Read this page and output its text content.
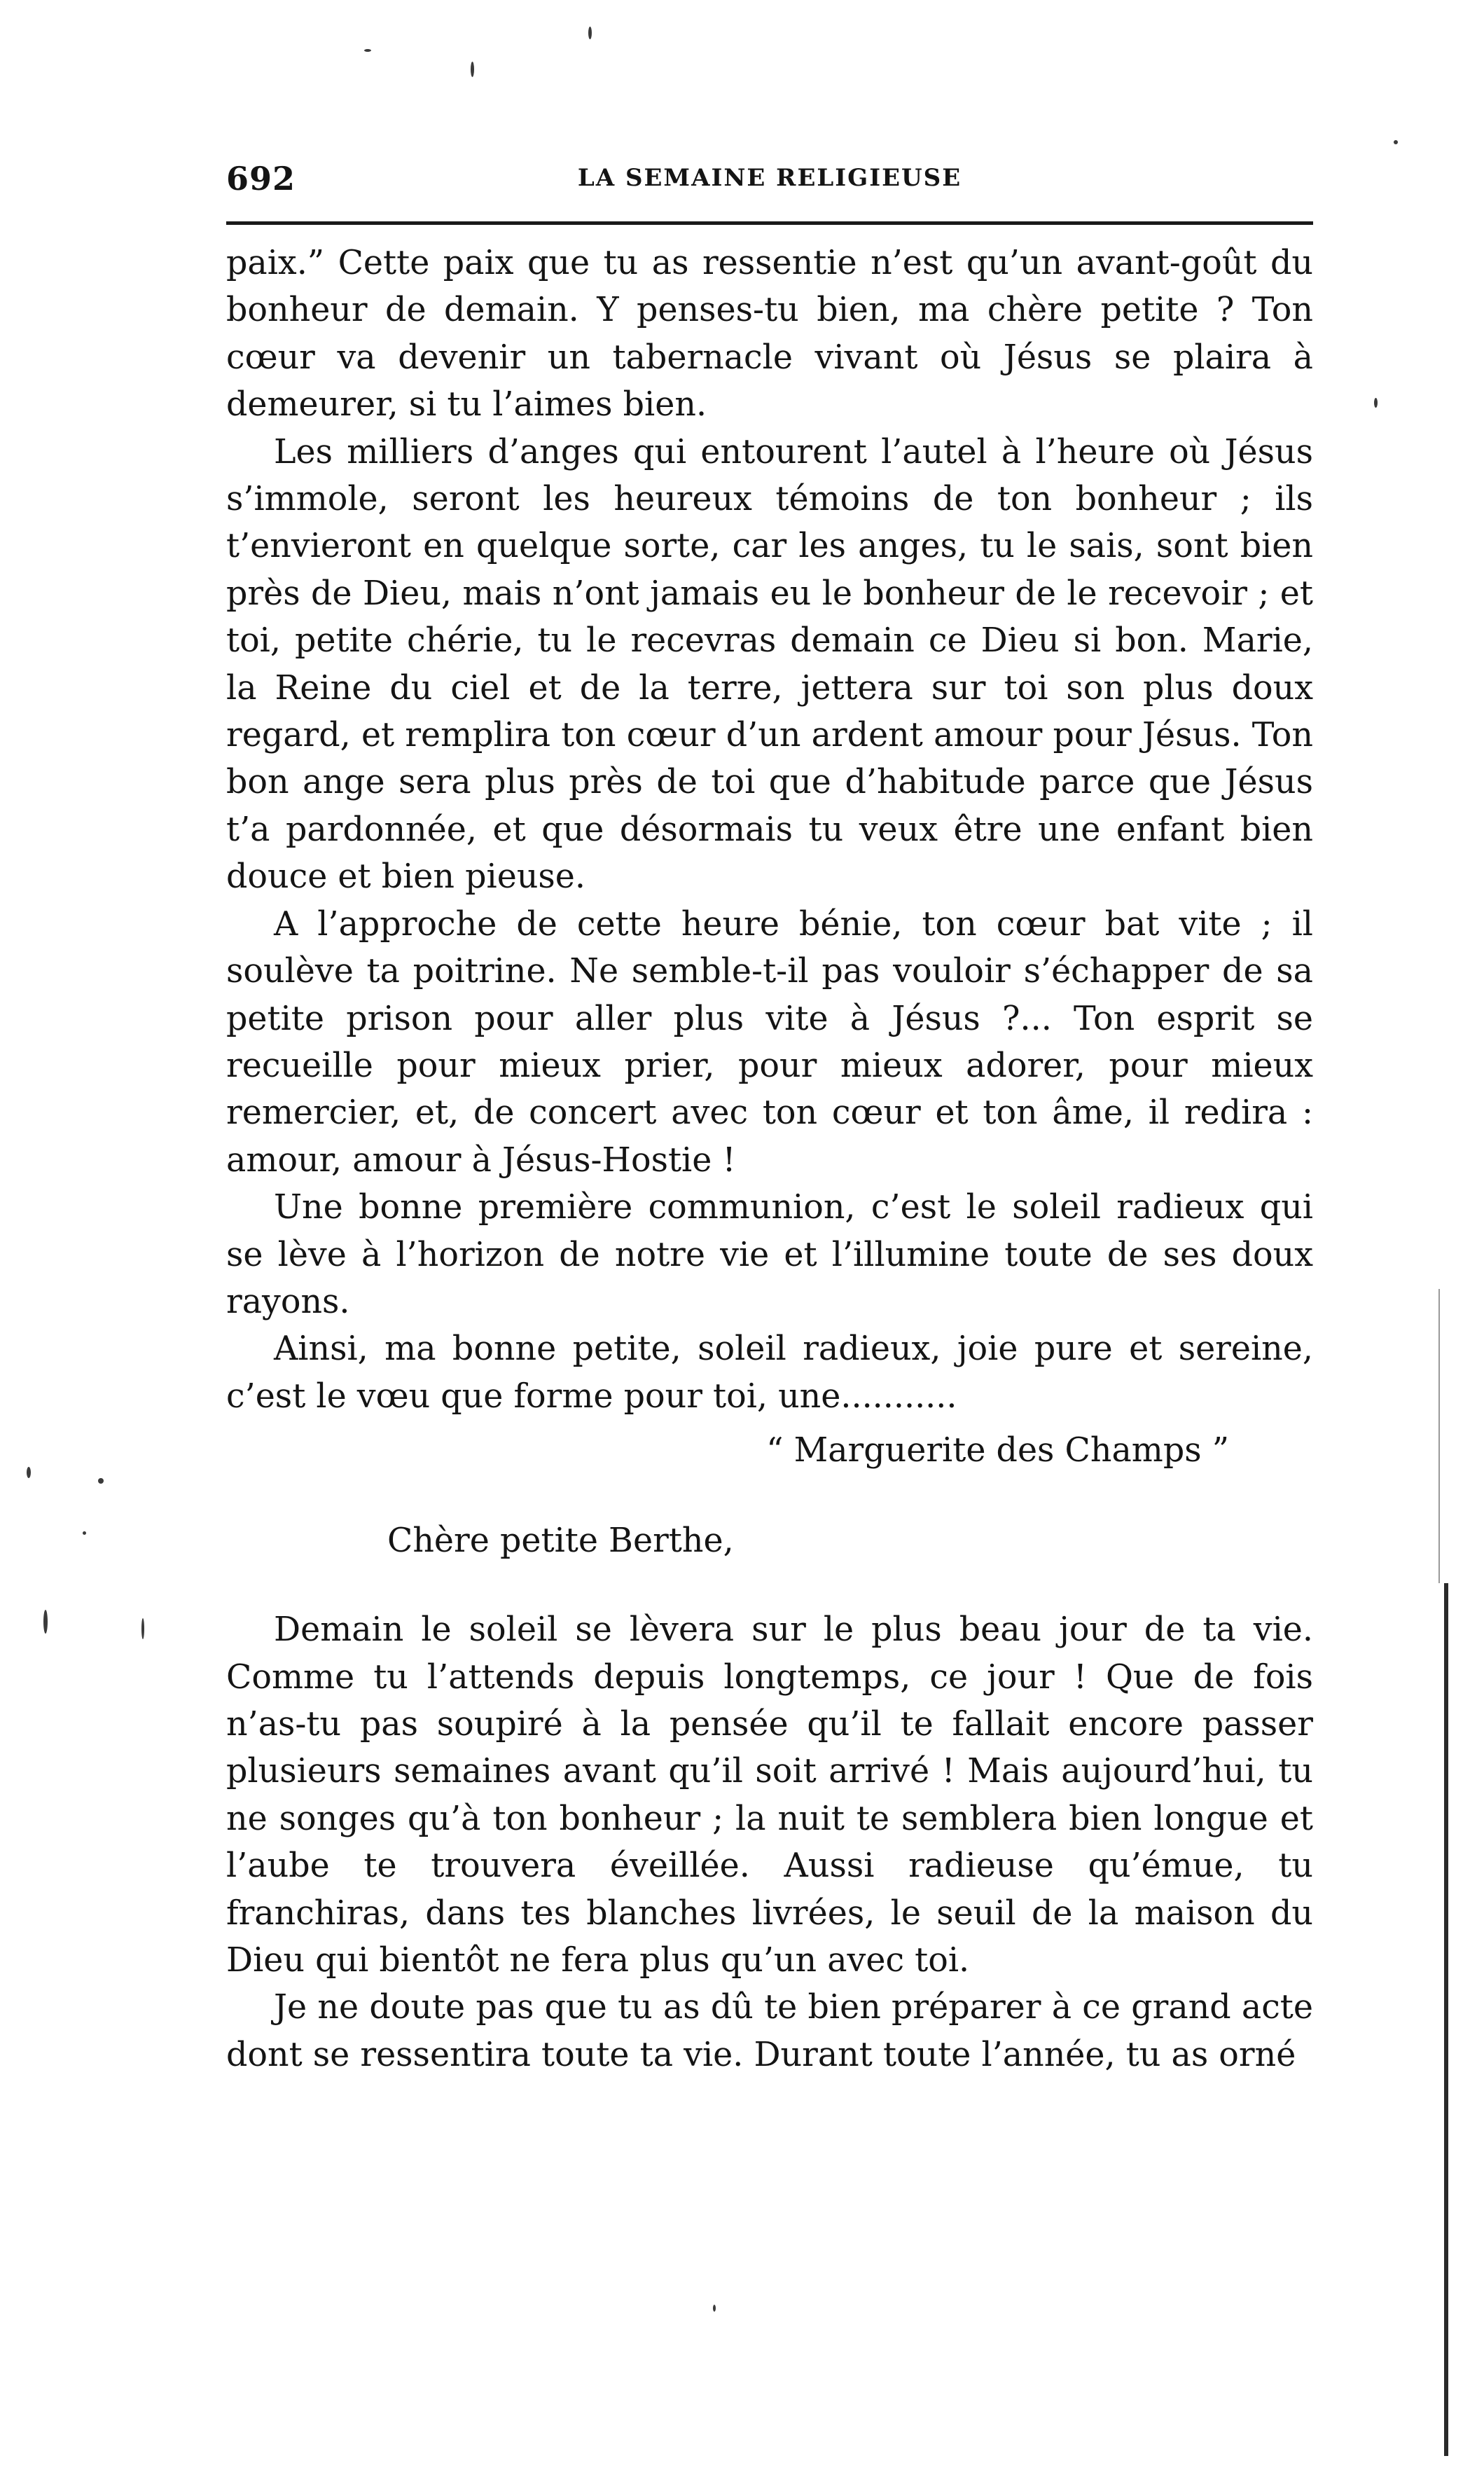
692	LA SEMAINE RELIGIEUSE

paix.” Cette paix que tu as ressentie n’est qu’un avant-goût du bonheur de demain. Y penses-tu bien, ma chère petite ? Ton cœur va devenir un tabernacle vivant où Jésus se plaira à demeurer, si tu l’aimes bien.

Les milliers d’anges qui entourent l’autel à l’heure où Jésus s’immole, seront les heureux témoins de ton bonheur ; ils t’envieront en quelque sorte, car les anges, tu le sais, sont bien près de Dieu, mais n’ont jamais eu le bonheur de le recevoir ; et toi, petite chérie, tu le recevras demain ce Dieu si bon. Marie, la Reine du ciel et de la terre, jettera sur toi son plus doux regard, et remplira ton cœur d’un ardent amour pour Jésus. Ton bon ange sera plus près de toi que d’habitude parce que Jésus t’a pardonnée, et que désormais tu veux être une enfant bien douce et bien pieuse.

A l’approche de cette heure bénie, ton cœur bat vite ; il soulève ta poitrine. Ne semble-t-il pas vouloir s’échapper de sa petite prison pour aller plus vite à Jésus ?... Ton esprit se recueille pour mieux prier, pour mieux adorer, pour mieux remercier, et, de concert avec ton cœur et ton âme, il redira : amour, amour à Jésus-Hostie !

Une bonne première communion, c’est le soleil radieux qui se lève à l’horizon de notre vie et l’illumine toute de ses doux rayons.

Ainsi, ma bonne petite, soleil radieux, joie pure et sereine, c’est le vœu que forme pour toi, une...........

“ Marguerite des Champs ”

Chère petite Berthe,

Demain le soleil se lèvera sur le plus beau jour de ta vie. Comme tu l’attends depuis longtemps, ce jour ! Que de fois n’as-tu pas soupiré à la pensée qu’il te fallait encore passer plusieurs semaines avant qu’il soit arrivé ! Mais aujourd’hui, tu ne songes qu’à ton bonheur ; la nuit te semblera bien longue et l’aube te trouvera éveillée. Aussi radieuse qu’émue, tu franchiras, dans tes blanches livrées, le seuil de la maison du Dieu qui bientôt ne fera plus qu’un avec toi.

Je ne doute pas que tu as dû te bien préparer à ce grand acte dont se ressentira toute ta vie. Durant toute l’année, tu as orné
